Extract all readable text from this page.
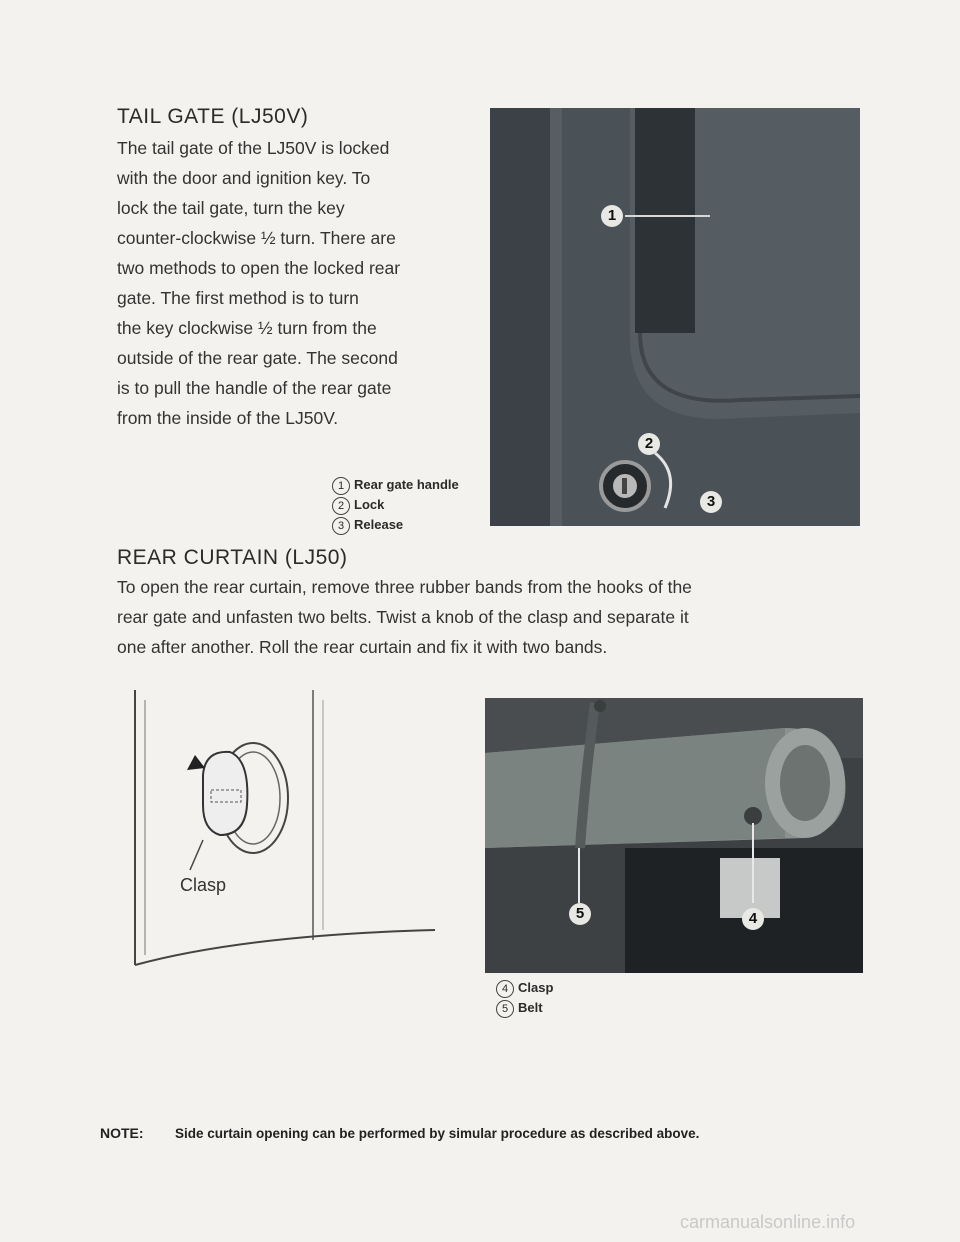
TAIL GATE (LJ50V)
The tail gate of the LJ50V is locked
with the door and ignition key. To
lock the tail gate, turn the key
counter-clockwise ½ turn. There are
two methods to open the locked rear
gate. The first method is to turn
the key clockwise ½ turn from the
outside of the rear gate. The second
is to pull the handle of the rear gate
from the inside of the LJ50V.
1
2
3
1 Rear gate handle
2 Lock
3 Release
REAR CURTAIN (LJ50)
To open the rear curtain, remove three rubber bands from the hooks of the
rear gate and unfasten two belts. Twist a knob of the clasp and separate it
one after another. Roll the rear curtain and fix it with two bands.
Clasp
5	4
4 Clasp
5 Belt
NOTE: Side curtain opening can be performed by simular procedure as described above.
carmanualsonline.info
